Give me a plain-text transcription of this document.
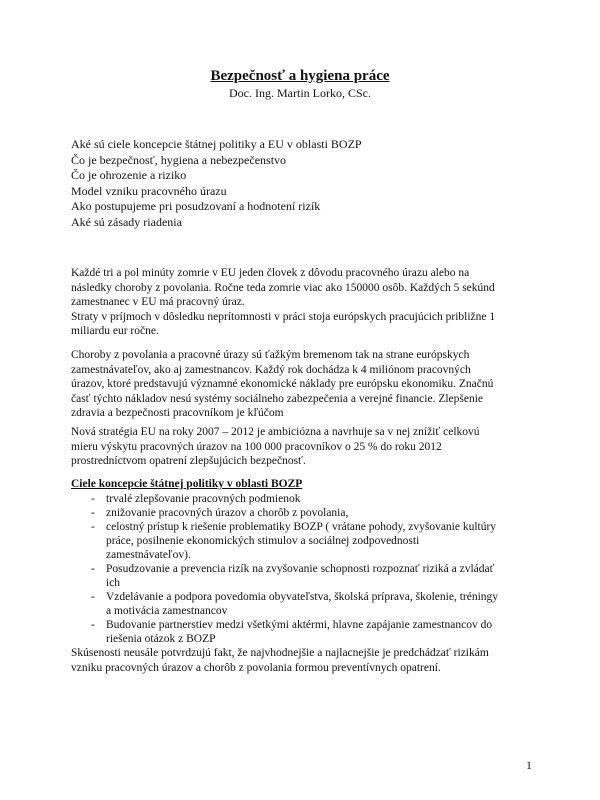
Bezpečnosť a hygiena práce
Doc. Ing. Martin Lorko, CSc.
Aké sú ciele koncepcie štátnej politiky a EU v oblasti BOZP
Čo je bezpečnosť, hygiena a nebezpečenstvo
Čo je ohrozenie a riziko
Model vzniku pracovného úrazu
Ako postupujeme pri posudzovaní a hodnotení rizík
Aké sú zásady riadenia

Každé tri a pol minúty zomrie v EU jeden človek z dôvodu pracovného úrazu alebo na
následky choroby z povolania. Ročne teda zomrie viac ako 150000 osôb. Každých 5 sekúnd
zamestnanec v EU má pracovný úraz.
Straty v príjmoch v dôsledku neprítomnosti v práci stoja európskych pracujúcich približne 1
miliardu eur ročne.

Choroby z povolania a pracovné úrazy sú ťažkým bremenom tak na strane európskych
zamestnávateľov, ako aj zamestnancov. Každý rok dochádza k 4 miliónom pracovných
úrazov, ktoré predstavujú významné ekonomické náklady pre európsku ekonomiku. Značnú
časť týchto nákladov nesú systémy sociálneho zabezpečenia a verejné financie. Zlepšenie
zdravia a bezpečnosti pracovníkom je kľúčom

Nová stratégia EU na roky 2007 – 2012 je ambiciózna a navrhuje sa v nej znížiť celkovú
mieru výskytu pracovných úrazov na 100 000 pracovníkov o 25 % do roku 2012
prostredníctvom opatrení zlepšujúcich bezpečnosť.

Ciele koncepcie štátnej politiky v oblasti BOZP
- trvalé zlepšovanie pracovných podmienok
- znižovanie pracovných úrazov a chorôb z povolania,
- celostný prístup k riešenie problematiky BOZP ( vrátane pohody, zvyšovanie kultúry
práce, posilnenie ekonomických stimulov a sociálnej zodpovednosti
zamestnávateľov).
- Posudzovanie a prevencia rizík na zvyšovanie schopnosti rozpoznať riziká a zvládať
ich
- Vzdelávanie a podpora povedomia obyvateľstva, školská príprava, školenie, tréningy
a motivácia zamestnancov
- Budovanie partnerstiev medzi všetkými aktérmi, hlavne zapájanie zamestnancov do
riešenia otázok z BOZP

Skúsenosti neusále potvrdzujú fakt, že najvhodnejšie a najlacnejšie je predchádzať rizikám
vzniku pracovných úrazov a chorôb z povolania formou preventívnych opatrení.

1
